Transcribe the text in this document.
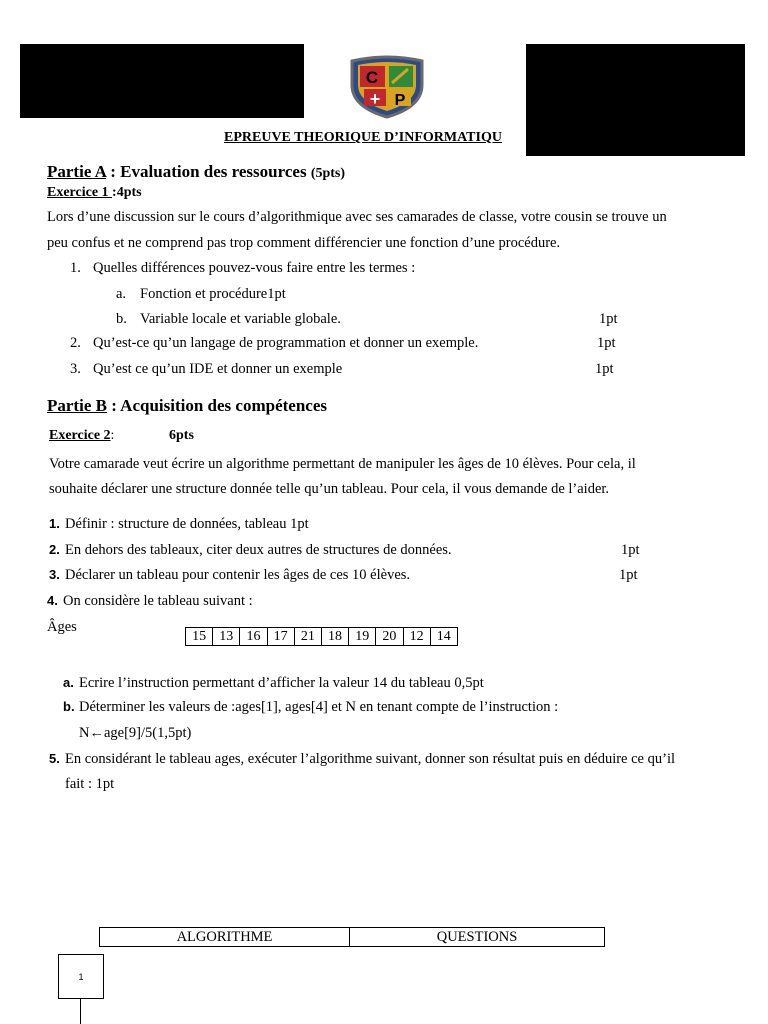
C
P
+
EPREUVE THEORIQUE D’INFORMATIQU
Partie A : Evaluation des ressources (5pts)
Exercice 1 :4pts
Lors d’une discussion sur le cours d’algorithmique avec ses camarades de classe, votre cousin se trouve un
peu confus et ne comprend pas trop comment différencier une fonction d’une procédure.
1. Quelles différences pouvez-vous faire entre les termes :
a. Fonction et procédure1pt
b. Variable locale et variable globale.	1pt
2. Qu’est-ce qu’un langage de programmation et donner un exemple.	1pt
3. Qu’est ce qu’un IDE et donner un exemple	1pt
Partie B : Acquisition des compétences
Exercice 2:	6pts
Votre camarade veut écrire un algorithme permettant de manipuler les âges de 10 élèves. Pour cela, il
souhaite déclarer une structure donnée telle qu’un tableau. Pour cela, il vous demande de l’aider.
1. Définir : structure de données, tableau 1pt
2. En dehors des tableaux, citer deux autres de structures de données.	1pt
3. Déclarer un tableau pour contenir les âges de ces 10 élèves.	1pt
4. On considère le tableau suivant :
Âges
15	13	16	17	21	18	19	20	12	14
a. Ecrire l’instruction permettant d’afficher la valeur 14 du tableau 0,5pt
b. Déterminer les valeurs de :ages[1], ages[4] et N en tenant compte de l’instruction :
N←age[9]/5(1,5pt)
5. En considérant le tableau ages, exécuter l’algorithme suivant, donner son résultat puis en déduire ce qu’il
fait : 1pt
ALGORITHME	QUESTIONS
1
